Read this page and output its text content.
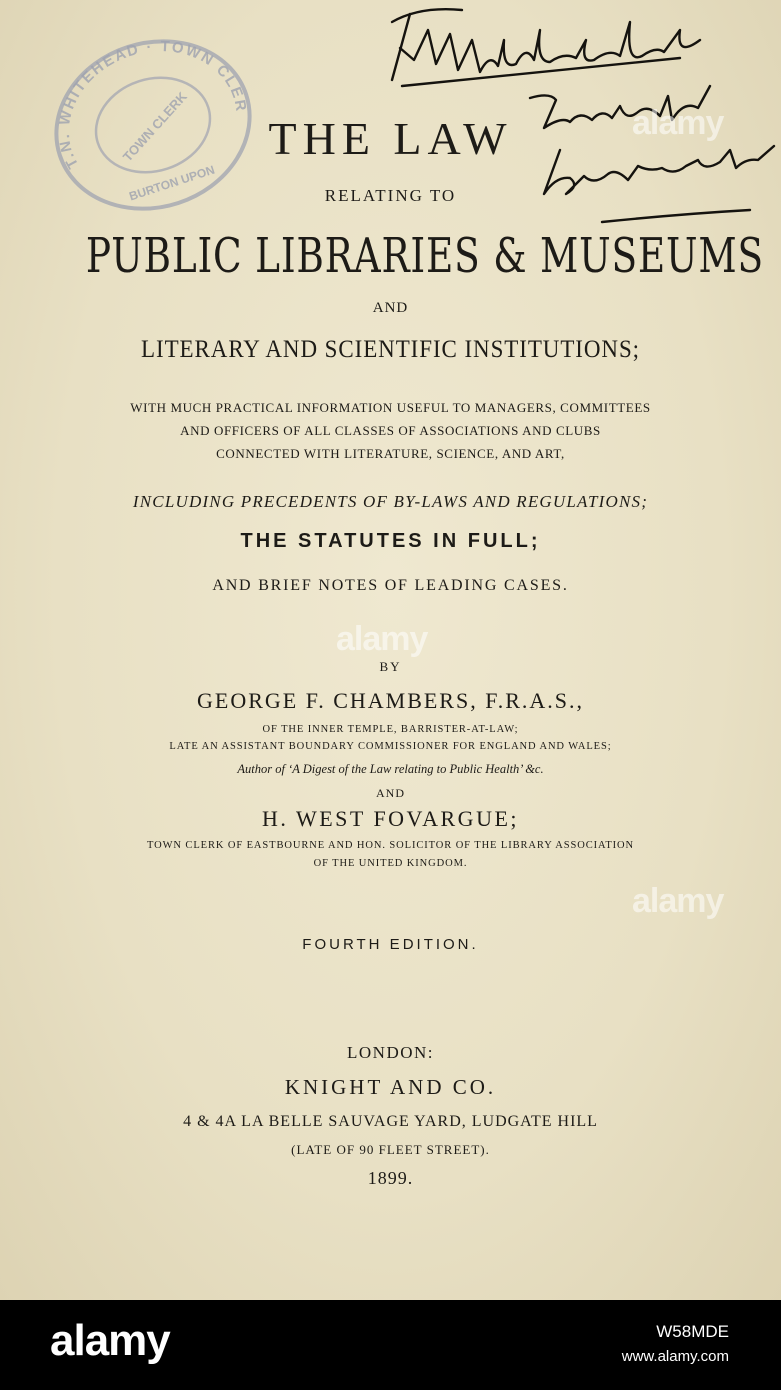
T.N. WHITEHEAD · TOWN CLERK
TOWN CLERK
BURTON UPON
THE LAW
RELATING TO
PUBLIC LIBRARIES & MUSEUMS
AND
LITERARY AND SCIENTIFIC INSTITUTIONS;
WITH MUCH PRACTICAL INFORMATION USEFUL TO MANAGERS, COMMITTEES
AND OFFICERS OF ALL CLASSES OF ASSOCIATIONS AND CLUBS
CONNECTED WITH LITERATURE, SCIENCE, AND ART,
INCLUDING PRECEDENTS OF BY-LAWS AND REGULATIONS;
THE STATUTES IN FULL;
AND BRIEF NOTES OF LEADING CASES.
BY
GEORGE F. CHAMBERS, F.R.A.S.,
OF THE INNER TEMPLE, BARRISTER-AT-LAW;
LATE AN ASSISTANT BOUNDARY COMMISSIONER FOR ENGLAND AND WALES;
Author of ‘A Digest of the Law relating to Public Health’ &c.
AND
H. WEST FOVARGUE;
TOWN CLERK OF EASTBOURNE AND HON. SOLICITOR OF THE LIBRARY ASSOCIATION
OF THE UNITED KINGDOM.
FOURTH EDITION.
LONDON:
KNIGHT AND CO.
4 & 4A LA BELLE SAUVAGE YARD, LUDGATE HILL
(LATE OF 90 FLEET STREET).
1899.
alamy
alamy
alamy
alamy	W58MDE
www.alamy.com
